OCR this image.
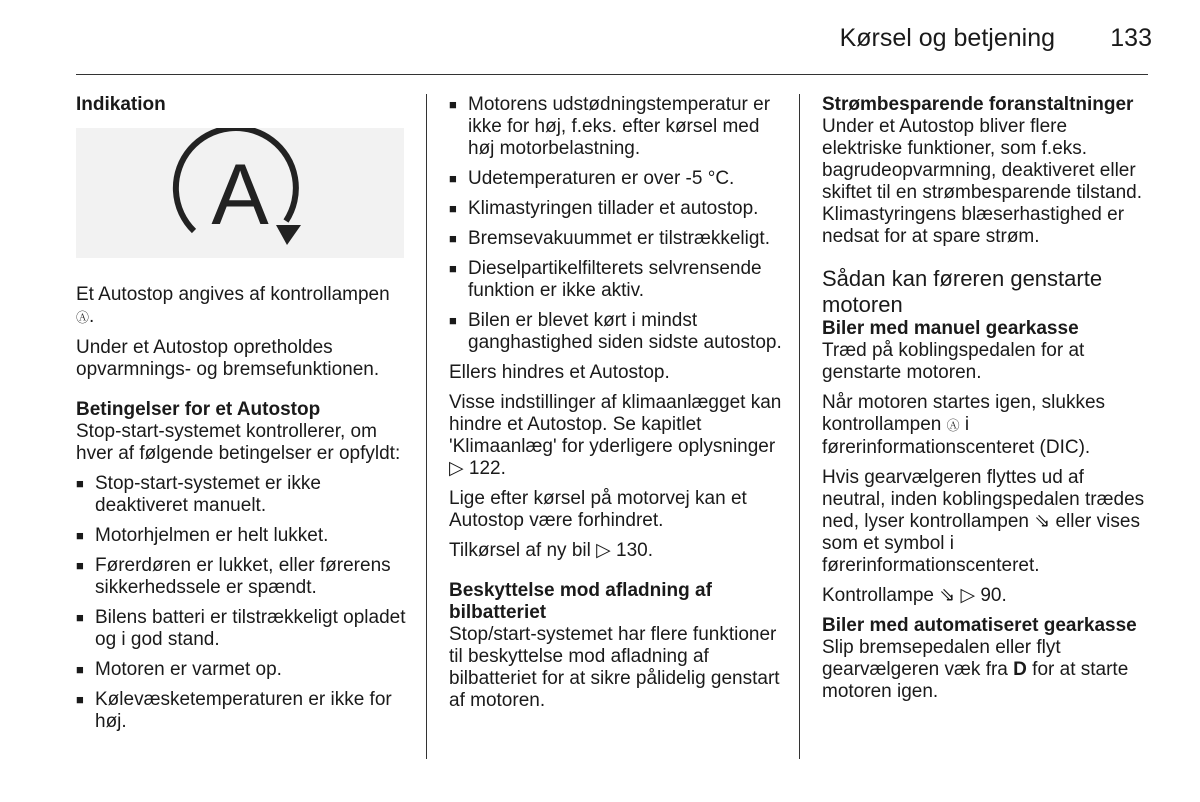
Kørsel og betjening 133
Indikation
A

Et Autostop angives af kontrollampen
Ⓐ.

Under et Autostop opretholdes opvarmnings- og bremsefunktionen.

Betingelser for et Autostop

Stop-start-systemet kontrollerer, om hver af følgende betingelser er opfyldt:

■ Stop-start-systemet er ikke deaktiveret manuelt.
■ Motorhjelmen er helt lukket.
■ Førerdøren er lukket, eller førerens sikkerhedssele er spændt.
■ Bilens batteri er tilstrækkeligt opladet og i god stand.
■ Motoren er varmet op.
■ Kølevæsketemperaturen er ikke for høj.
■ Motorens udstødningstemperatur er ikke for høj, f.eks. efter kørsel med høj motorbelastning.
■ Udetemperaturen er over -5 °C.
■ Klimastyringen tillader et autostop.
■ Bremsevakuummet er tilstrækkeligt.
■ Dieselpartikelfilterets selvrensende funktion er ikke aktiv.
■ Bilen er blevet kørt i mindst ganghastighed siden sidste autostop.

Ellers hindres et Autostop.

Visse indstillinger af klimaanlægget kan hindre et Autostop. Se kapitlet 'Klimaanlæg' for yderligere oplysninger ▷ 122.

Lige efter kørsel på motorvej kan et Autostop være forhindret.

Tilkørsel af ny bil ▷ 130.

Beskyttelse mod afladning af bilbatteriet

Stop/start-systemet har flere funktioner til beskyttelse mod afladning af bilbatteriet for at sikre pålidelig genstart af motoren.

Strømbesparende foranstaltninger

Under et Autostop bliver flere elektriske funktioner, som f.eks. bagrudeopvarmning, deaktiveret eller skiftet til en strømbesparende tilstand. Klimastyringens blæserhastighed er nedsat for at spare strøm.

Sådan kan føreren genstarte motoren
Biler med manuel gearkasse

Træd på koblingspedalen for at genstarte motoren.

Når motoren startes igen, slukkes kontrollampen Ⓐ i førerinformationscenteret (DIC).

Hvis gearvælgeren flyttes ud af neutral, inden koblingspedalen trædes ned, lyser kontrollampen ⇘ eller vises som et symbol i førerinformationscenteret.

Kontrollampe ⇘ ▷ 90.

Biler med automatiseret gearkasse

Slip bremsepedalen eller flyt gearvælgeren væk fra D for at starte motoren igen.
